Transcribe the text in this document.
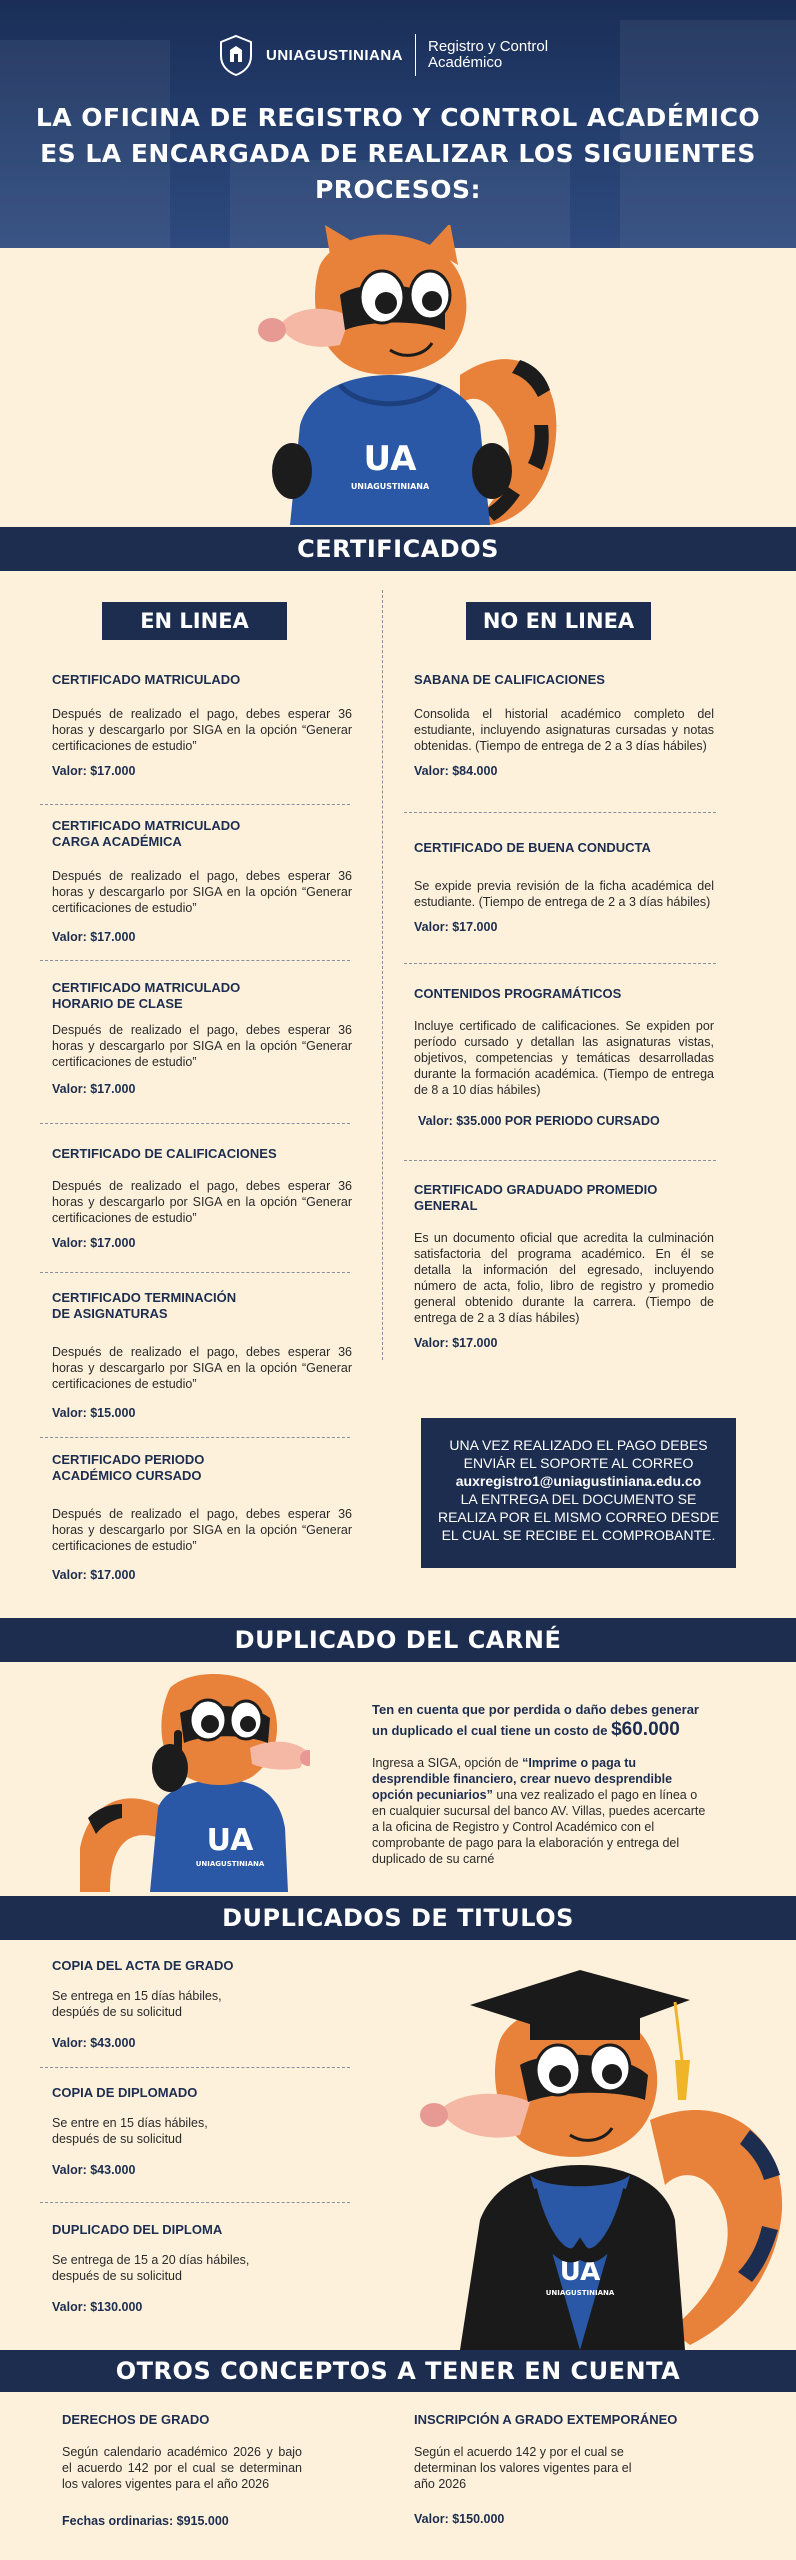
UNIAGUSTINIANA Registro y Control Académico
LA OFICINA DE REGISTRO Y CONTROL ACADÉMICO ES LA ENCARGADA DE REALIZAR LOS SIGUIENTES PROCESOS:
UA
UNIAGUSTINIANA
CERTIFICADOS
EN LINEA	NO EN LINEA
CERTIFICADO MATRICULADO
Después de realizado el pago, debes esperar 36 horas y descargarlo por SIGA en la opción “Generar certificaciones de estudio”
Valor: $17.000
CERTIFICADO MATRICULADO
CARGA ACADÉMICA
Después de realizado el pago, debes esperar 36 horas y descargarlo por SIGA en la opción “Generar certificaciones de estudio”
Valor: $17.000
CERTIFICADO MATRICULADO
HORARIO DE CLASE
Después de realizado el pago, debes esperar 36 horas y descargarlo por SIGA en la opción “Generar certificaciones de estudio”
Valor: $17.000
CERTIFICADO DE CALIFICACIONES
Después de realizado el pago, debes esperar 36 horas y descargarlo por SIGA en la opción “Generar certificaciones de estudio”
Valor: $17.000
CERTIFICADO TERMINACIÓN
DE ASIGNATURAS
Después de realizado el pago, debes esperar 36 horas y descargarlo por SIGA en la opción “Generar certificaciones de estudio”
Valor: $15.000
CERTIFICADO PERIODO
ACADÉMICO CURSADO
Después de realizado el pago, debes esperar 36 horas y descargarlo por SIGA en la opción “Generar certificaciones de estudio”
Valor: $17.000
SABANA DE CALIFICACIONES
Consolida el historial académico completo del estudiante, incluyendo asignaturas cursadas y notas obtenidas. (Tiempo de entrega de 2 a 3 días hábiles)
Valor: $84.000
CERTIFICADO DE BUENA CONDUCTA
Se expide previa revisión de la ficha académica del estudiante. (Tiempo de entrega de 2 a 3 días hábiles)
Valor: $17.000
CONTENIDOS PROGRAMÁTICOS
Incluye certificado de calificaciones. Se expiden por período cursado y detallan las asignaturas vistas, objetivos, competencias y temáticas desarrolladas durante la formación académica. (Tiempo de entrega de 8 a 10 días hábiles)
Valor: $35.000 POR PERIODO CURSADO
CERTIFICADO GRADUADO PROMEDIO GENERAL
Es un documento oficial que acredita la culminación satisfactoria del programa académico. En él se detalla la información del egresado, incluyendo número de acta, folio, libro de registro y promedio general obtenido durante la carrera. (Tiempo de entrega de 2 a 3 días hábiles)
Valor: $17.000
UNA VEZ REALIZADO EL PAGO DEBES ENVIÁR EL SOPORTE AL CORREO
auxregistro1@uniagustiniana.edu.co
LA ENTREGA DEL DOCUMENTO SE REALIZA POR EL MISMO CORREO DESDE EL CUAL SE RECIBE EL COMPROBANTE.
DUPLICADO DEL CARNÉ
UA
UNIAGUSTINIANA
Ten en cuenta que por perdida o daño debes generar un duplicado el cual tiene un costo de $60.000
Ingresa a SIGA, opción de “Imprime o paga tu desprendible financiero, crear nuevo desprendible opción pecuniarios” una vez realizado el pago en línea o en cualquier sucursal del banco AV. Villas, puedes acercarte a la oficina de Registro y Control Académico con el comprobante de pago para la elaboración y entrega del duplicado de su carné
DUPLICADOS DE TITULOS
COPIA DEL ACTA DE GRADO
Se entrega en 15 días hábiles, despúés de su solicitud
Valor: $43.000
COPIA DE DIPLOMADO
Se entre en 15 días hábiles, después de su solicitud
Valor: $43.000
DUPLICADO DEL DIPLOMA
Se entrega de 15 a 20 días hábiles, después de su solicitud
Valor: $130.000
UA
UNIAGUSTINIANA
OTROS CONCEPTOS A TENER EN CUENTA
DERECHOS DE GRADO
Según calendario académico 2026 y bajo el acuerdo 142 por el cual se determinan los valores vigentes para el año 2026
Fechas ordinarias: $915.000
INSCRIPCIÓN A GRADO EXTEMPORÁNEO
Según el acuerdo 142 y por el cual se determinan los valores vigentes para el año 2026
Valor: $150.000
